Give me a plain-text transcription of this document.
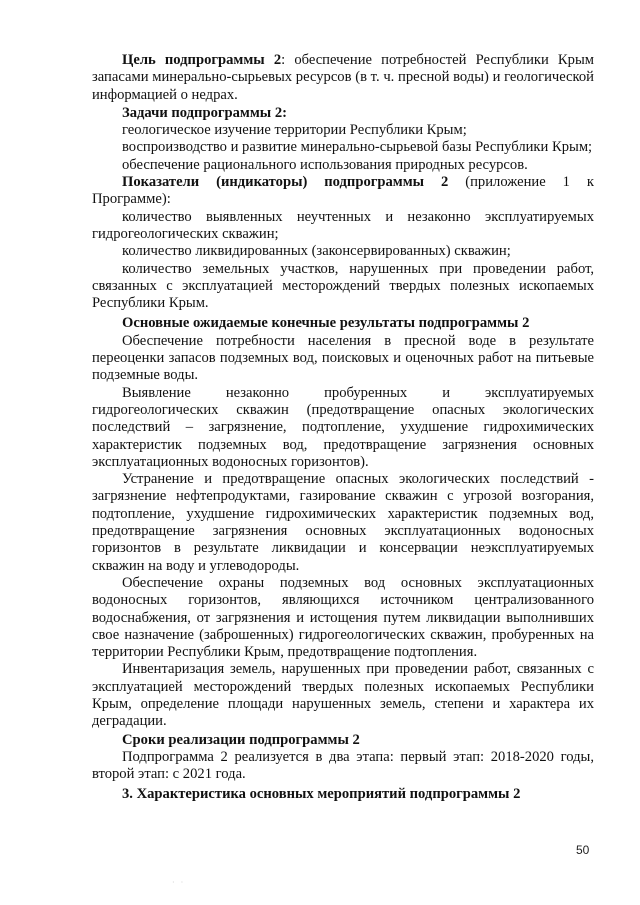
Цель подпрограммы 2: обеспечение потребностей Республики Крым запасами минерально-сырьевых ресурсов (в т. ч. пресной воды) и геологической информацией о недрах.

Задачи подпрограммы 2:

геологическое изучение территории Республики Крым;

воспроизводство и развитие минерально-сырьевой базы Республики Крым;

обеспечение рационального использования природных ресурсов.

Показатели (индикаторы) подпрограммы 2 (приложение 1 к Программе):

количество выявленных неучтенных и незаконно эксплуатируемых гидрогеологических скважин;

количество ликвидированных (законсервированных) скважин;

количество земельных участков, нарушенных при проведении работ, связанных с эксплуатацией месторождений твердых полезных ископаемых Республики Крым.

Основные ожидаемые конечные результаты подпрограммы 2

Обеспечение потребности населения в пресной воде в результате переоценки запасов подземных вод, поисковых и оценочных работ на питьевые подземные воды.

Выявление незаконно пробуренных и эксплуатируемых гидрогеологических скважин (предотвращение опасных экологических последствий – загрязнение, подтопление, ухудшение гидрохимических характеристик подземных вод, предотвращение загрязнения основных эксплуатационных водоносных горизонтов).

Устранение и предотвращение опасных экологических последствий - загрязнение нефтепродуктами, газирование скважин с угрозой возгорания, подтопление, ухудшение гидрохимических характеристик подземных вод, предотвращение загрязнения основных эксплуатационных водоносных горизонтов в результате ликвидации и консервации неэксплуатируемых скважин на воду и углеводороды.

Обеспечение охраны подземных вод основных эксплуатационных водоносных горизонтов, являющихся источником централизованного водоснабжения, от загрязнения и истощения путем ликвидации выполнивших свое назначение (заброшенных) гидрогеологических скважин, пробуренных на территории Республики Крым, предотвращение подтопления.

Инвентаризация земель, нарушенных при проведении работ, связанных с эксплуатацией месторождений твердых полезных ископаемых Республики Крым, определение площади нарушенных земель, степени и характера их деградации.

Сроки реализации подпрограммы 2

Подпрограмма 2 реализуется в два этапа: первый этап: 2018-2020 годы, второй этап: с 2021 года.

3. Характеристика основных мероприятий подпрограммы 2

50
· ·
